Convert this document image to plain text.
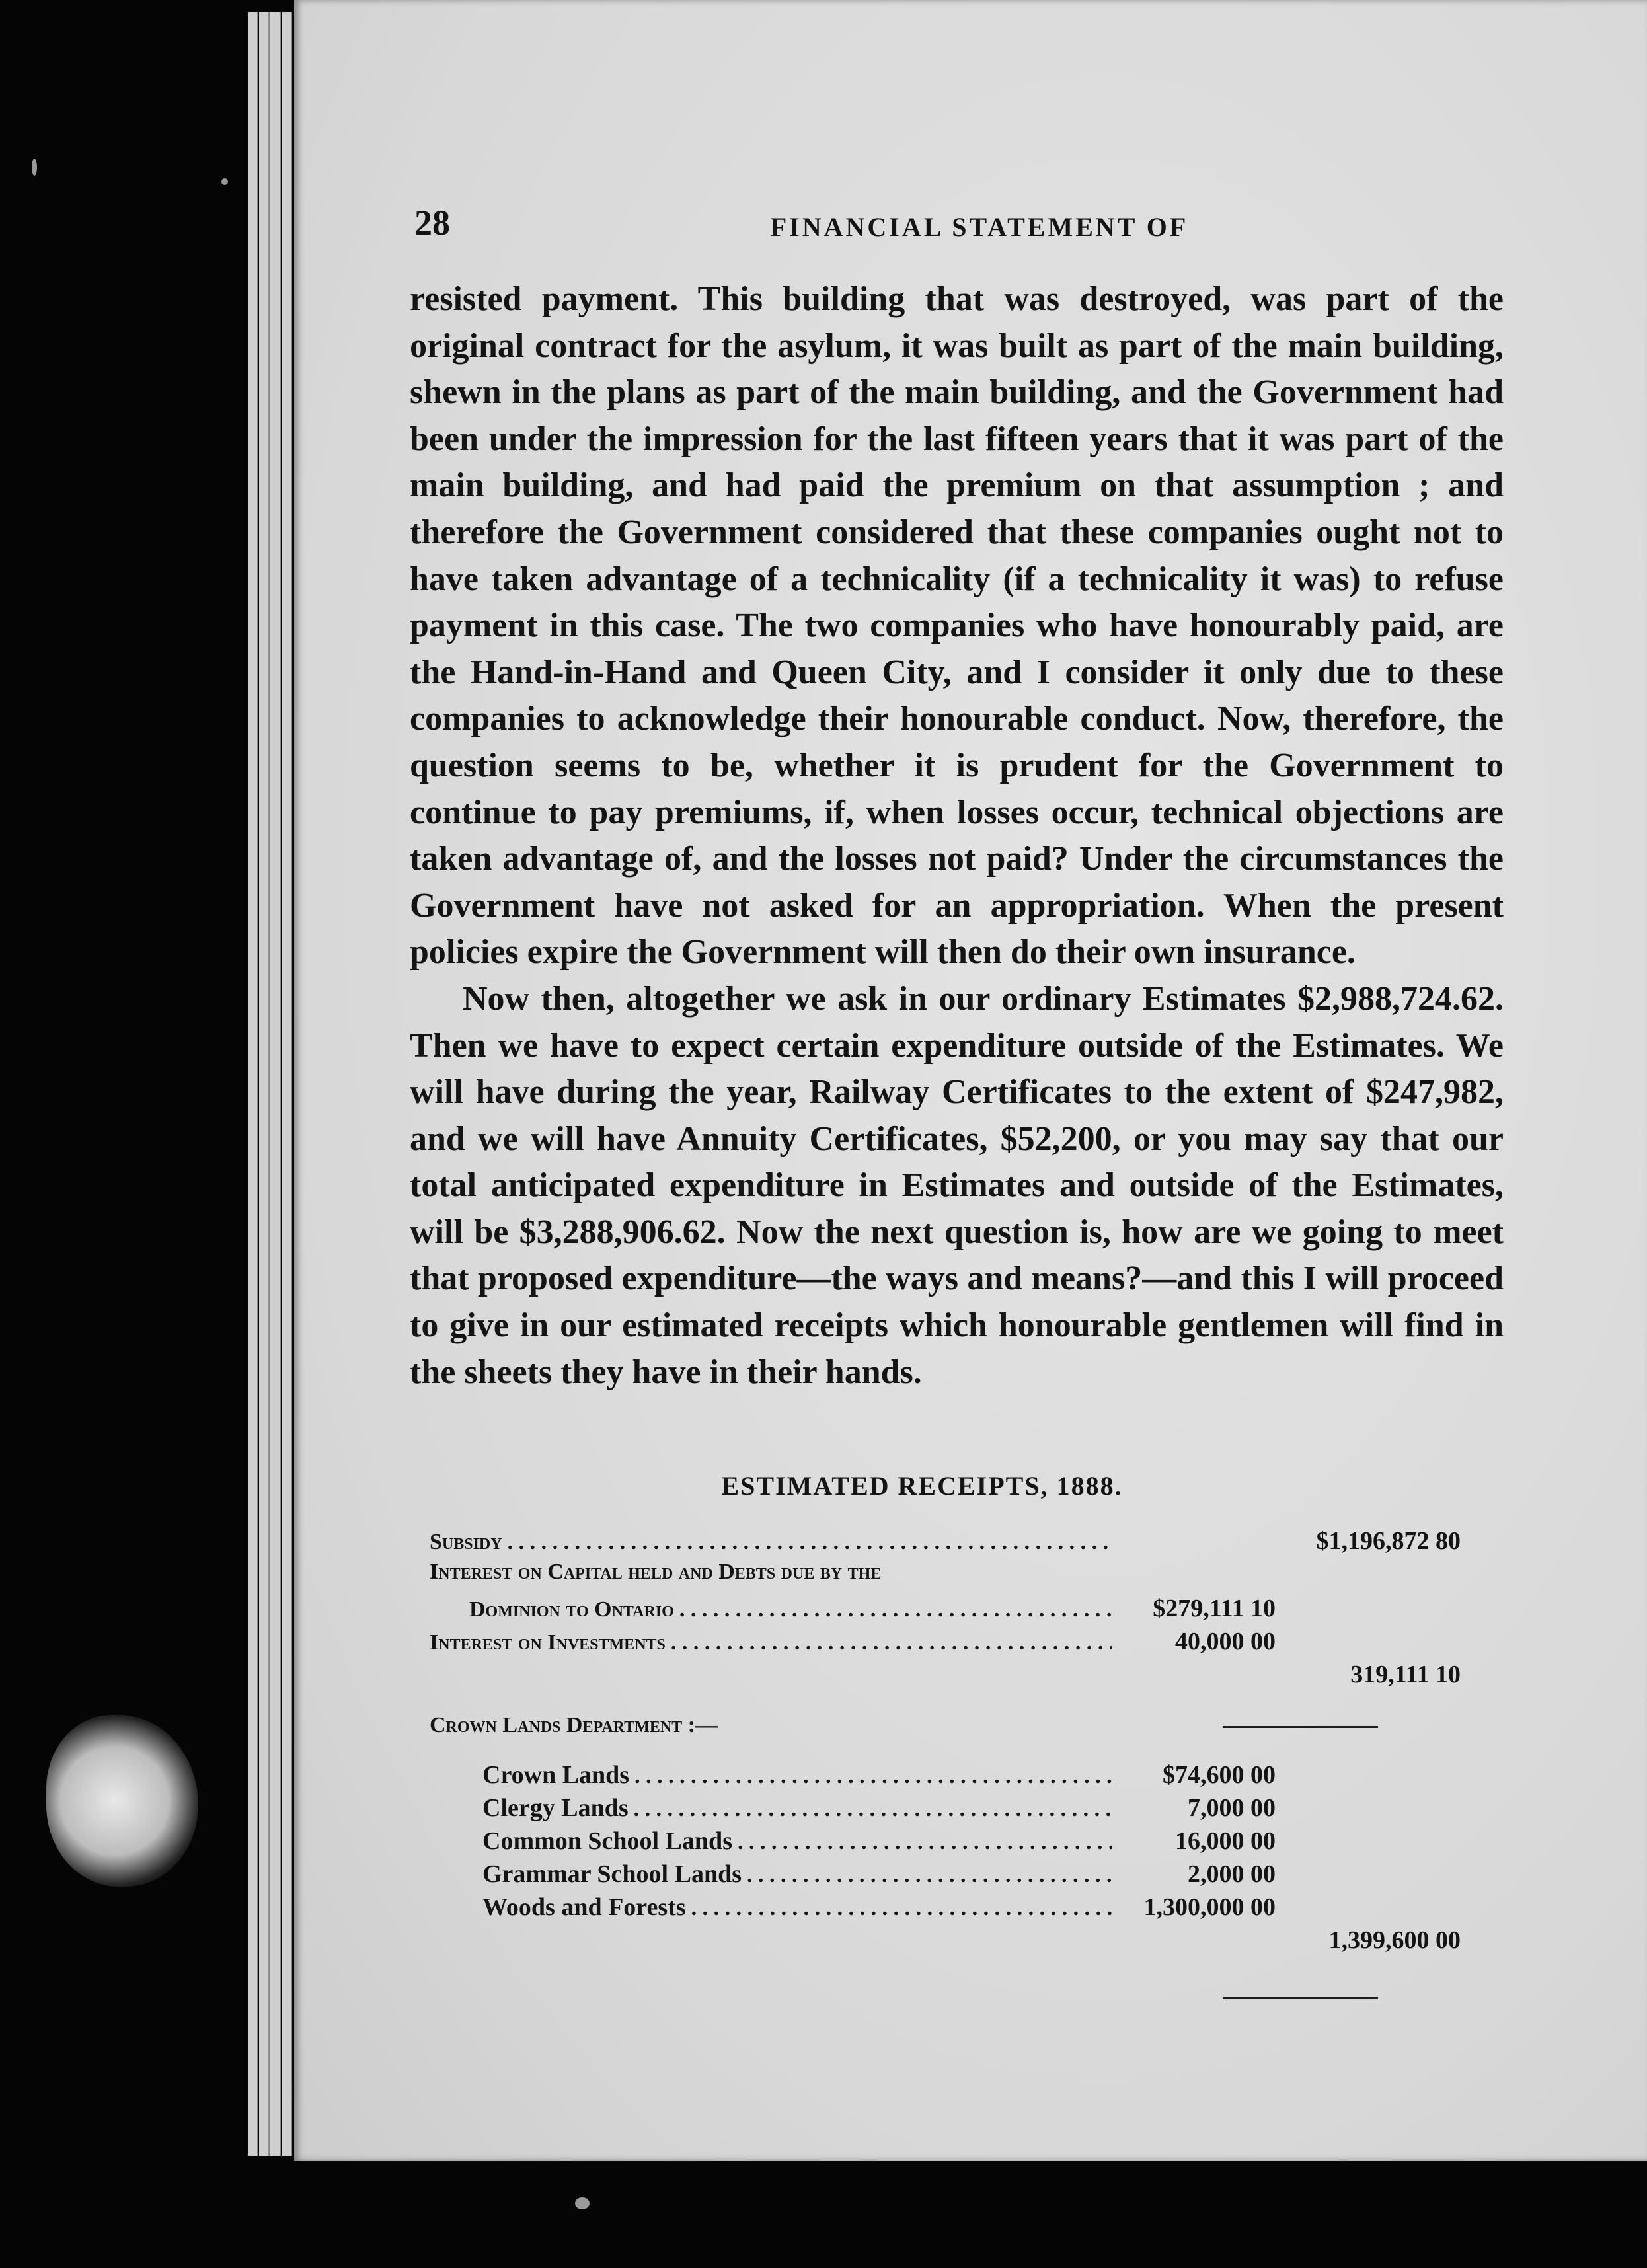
28	FINANCIAL STATEMENT OF

resisted payment. This building that was destroyed, was part of the original contract for the asylum, it was built as part of the main building, shewn in the plans as part of the main building, and the Government had been under the impression for the last fifteen years that it was part of the main building, and had paid the premium on that assumption ; and therefore the Government considered that these companies ought not to have taken advantage of a technicality (if a technicality it was) to refuse payment in this case. The two companies who have honourably paid, are the Hand-in-Hand and Queen City, and I consider it only due to these companies to acknowledge their honourable conduct. Now, therefore, the question seems to be, whether it is prudent for the Government to continue to pay premiums, if, when losses occur, technical objections are taken advantage of, and the losses not paid? Under the circumstances the Government have not asked for an appropriation. When the present policies expire the Government will then do their own insurance.

Now then, altogether we ask in our ordinary Estimates $2,988,724.62. Then we have to expect certain expenditure outside of the Estimates. We will have during the year, Railway Certificates to the extent of $247,982, and we will have Annuity Certificates, $52,200, or you may say that our total anticipated expenditure in Estimates and outside of the Estimates, will be $3,288,906.62. Now the next question is, how are we going to meet that proposed expenditure—the ways and means?—and this I will proceed to give in our estimated receipts which honourable gentlemen will find in the sheets they have in their hands.

ESTIMATED RECEIPTS, 1888.
Subsidy . . .	$1,196,872 80
Interest on Capital held and Debts due by the
Dominion to Ontario . . .	$279,111 10
Interest on Investments . . .	40,000 00
319,111 10
Crown Lands Department :—
Crown Lands . . .	$74,600 00
Clergy Lands . . .	7,000 00
Common School Lands . . .	16,000 00
Grammar School Lands . . .	2,000 00
Woods and Forests . . .	1,300,000 00
1,399,600 00
